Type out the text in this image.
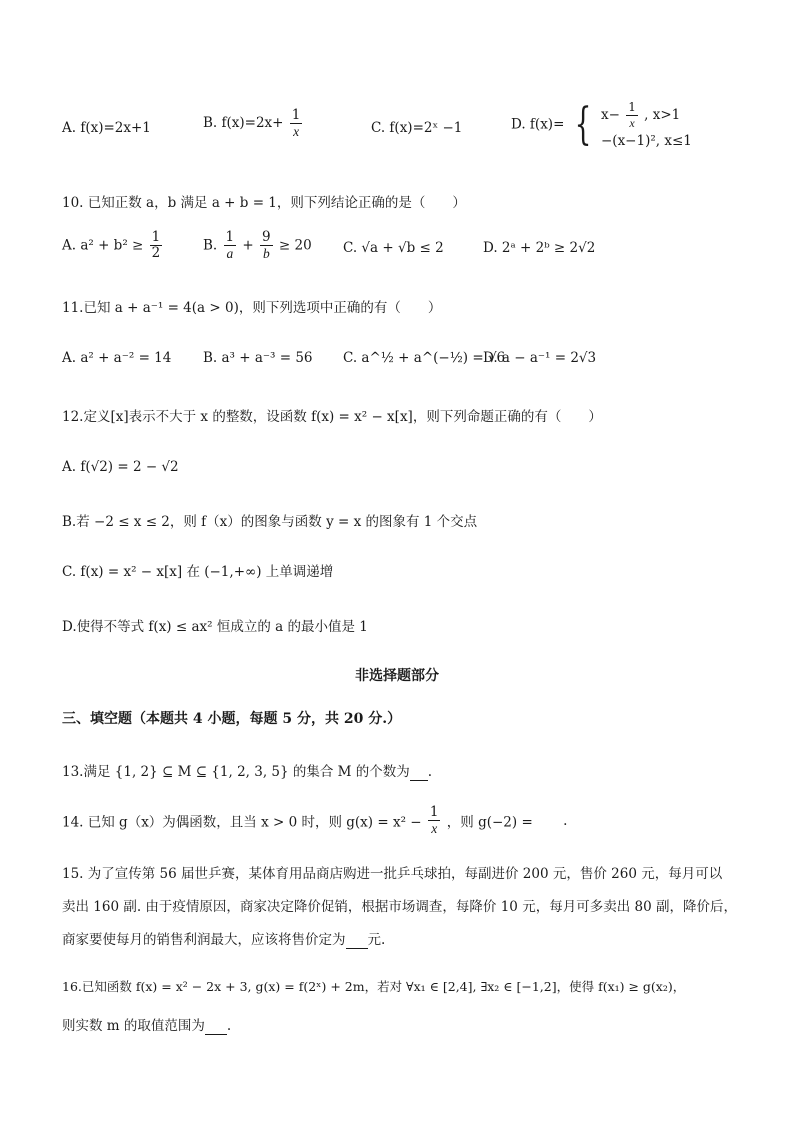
A. f(x)=2x+1	B. $f(x)=2x+ \frac{1}{x}$	C. f(x)=2ˣ −1	D. f(x)= { $x- \frac{1}{x}$ , x>1
−(x−1)², x≤1
10. 已知正数 a，b 满足 a + b = 1，则下列结论正确的是（　　）
A. $a^2 + b^2 \ge \frac{1}{2}$	B. $\frac{1}{a} + \frac{9}{b} \ge 20$ C. √a + √b ≤ 2	D. 2ᵃ + 2ᵇ ≥ 2√2
11.已知 a + a⁻¹ = 4(a > 0)，则下列选项中正确的有（　　）
A. a² + a⁻² = 14 B. a³ + a⁻³ = 56 C. a^½ + a^(−½) = √6
D. a − a⁻¹ = 2√3
12.定义[x]表示不大于 x 的整数，设函数 f(x) = x² − x[x]，则下列命题正确的有（　　）
A. f(√2) = 2 − √2
B.若 −2 ≤ x ≤ 2，则 f（x）的图象与函数 y = x 的图象有 1 个交点
C. f(x) = x² − x[x] 在 (−1,+∞) 上单调递增
D.使得不等式 f(x) ≤ ax² 恒成立的 a 的最小值是 1
非选择题部分
三、填空题（本题共 4 小题，每题 5 分，共 20 分.）
13.满足 {1, 2} ⊆ M ⊆ {1, 2, 3, 5} 的集合 M 的个数为 .
14. 已知 g（x）为偶函数，且当 x > 0 时，则 $g(x) = x^2 - \frac{1}{x}$ ，则 g(−2) = .
15. 为了宣传第 56 届世乒赛，某体育用品商店购进一批乒乓球拍，每副进价 200 元，售价 260 元，每月可以
卖出 160 副. 由于疫情原因，商家决定降价促销，根据市场调查，每降价 10 元，每月可多卖出 80 副，降价后，
商家要使每月的销售利润最大，应该将售价定为 元.
16.已知函数 f(x) = x² − 2x + 3, g(x) = f(2ˣ) + 2m，若对 ∀x₁ ∈ [2,4], ∃x₂ ∈ [−1,2]，使得 f(x₁) ≥ g(x₂)，
则实数 m 的取值范围为 .
